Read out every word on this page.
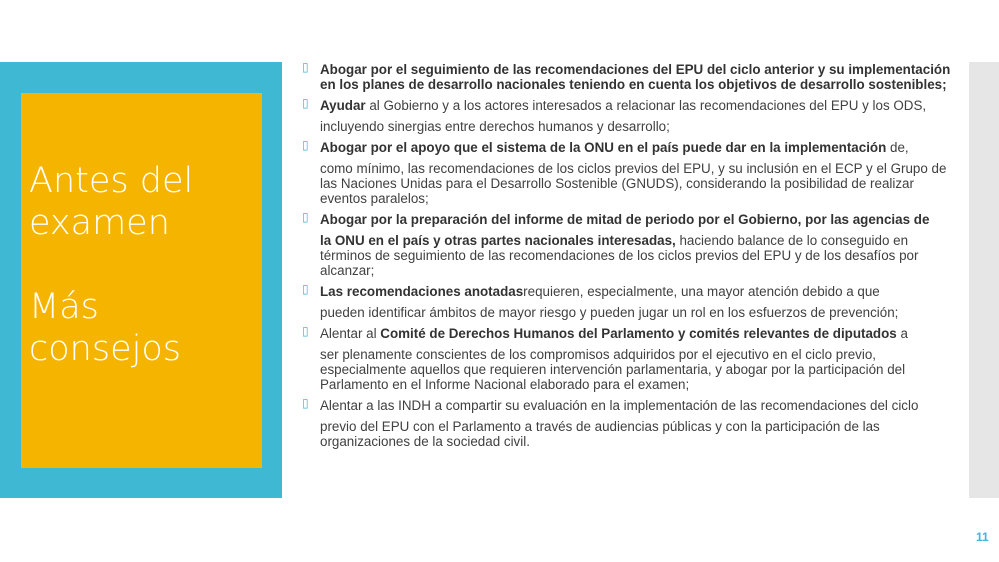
Antes del
examen
Más consejos
▯ Abogar por el seguimiento de las recomendaciones del EPU del ciclo anterior y su implementación en los planes de desarrollo nacionales teniendo en cuenta los objetivos de desarrollo sostenibles;
▯ Ayudar al Gobierno y a los actores interesados a relacionar las recomendaciones del EPU y los ODS,
incluyendo sinergias entre derechos humanos y desarrollo;
▯ Abogar por el apoyo que el sistema de la ONU en el país puede dar en la implementación de,
como mínimo, las recomendaciones de los ciclos previos del EPU, y su inclusión en el ECP y el Grupo de las Naciones Unidas para el Desarrollo Sostenible (GNUDS), considerando la posibilidad de realizar eventos paralelos;
▯ Abogar por la preparación del informe de mitad de periodo por el Gobierno, por las agencias de
la ONU en el país y otras partes nacionales interesadas, haciendo balance de lo conseguido en términos de seguimiento de las recomendaciones de los ciclos previos del EPU y de los desafíos por alcanzar;
▯ Las recomendaciones anotadasrequieren, especialmente, una mayor atención debido a que
pueden identificar ámbitos de mayor riesgo y pueden jugar un rol en los esfuerzos de prevención;
▯ Alentar al Comité de Derechos Humanos del Parlamento y comités relevantes de diputados a
ser plenamente conscientes de los compromisos adquiridos por el ejecutivo en el ciclo previo, especialmente aquellos que requieren intervención parlamentaria, y abogar por la participación del Parlamento en el Informe Nacional elaborado para el examen;
▯ Alentar a las INDH a compartir su evaluación en la implementación de las recomendaciones del ciclo
previo del EPU con el Parlamento a través de audiencias públicas y con la participación de las organizaciones de la sociedad civil.
11
